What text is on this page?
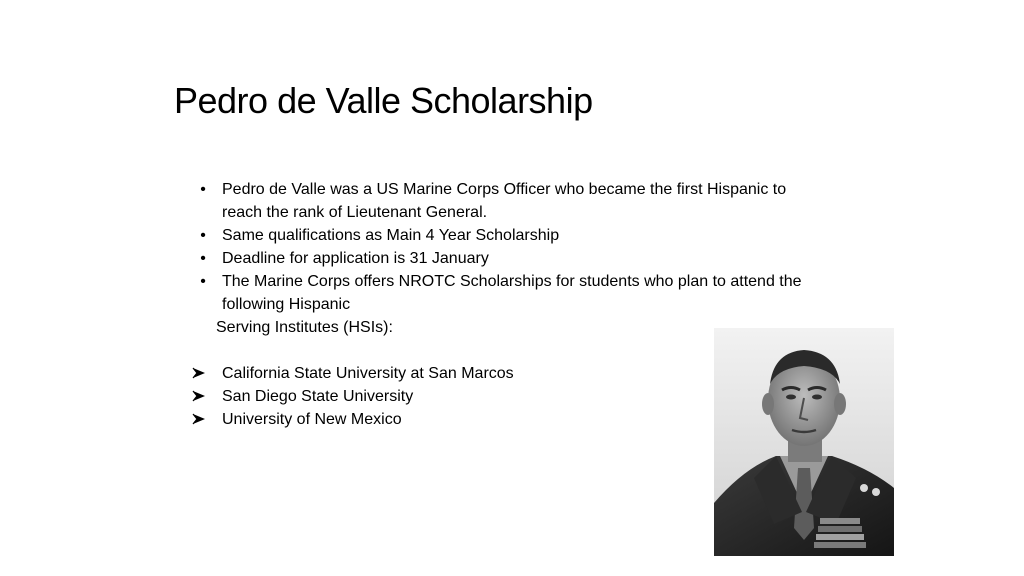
Pedro de Valle Scholarship
• Pedro de Valle was a US Marine Corps Officer who became the first Hispanic to
reach the rank of Lieutenant General.
• Same qualifications as Main 4 Year Scholarship
• Deadline for application is 31 January
• The Marine Corps offers NROTC Scholarships for students who plan to attend the
following Hispanic
Serving Institutes (HSIs):
California State University at San Marcos
San Diego State University
University of New Mexico
